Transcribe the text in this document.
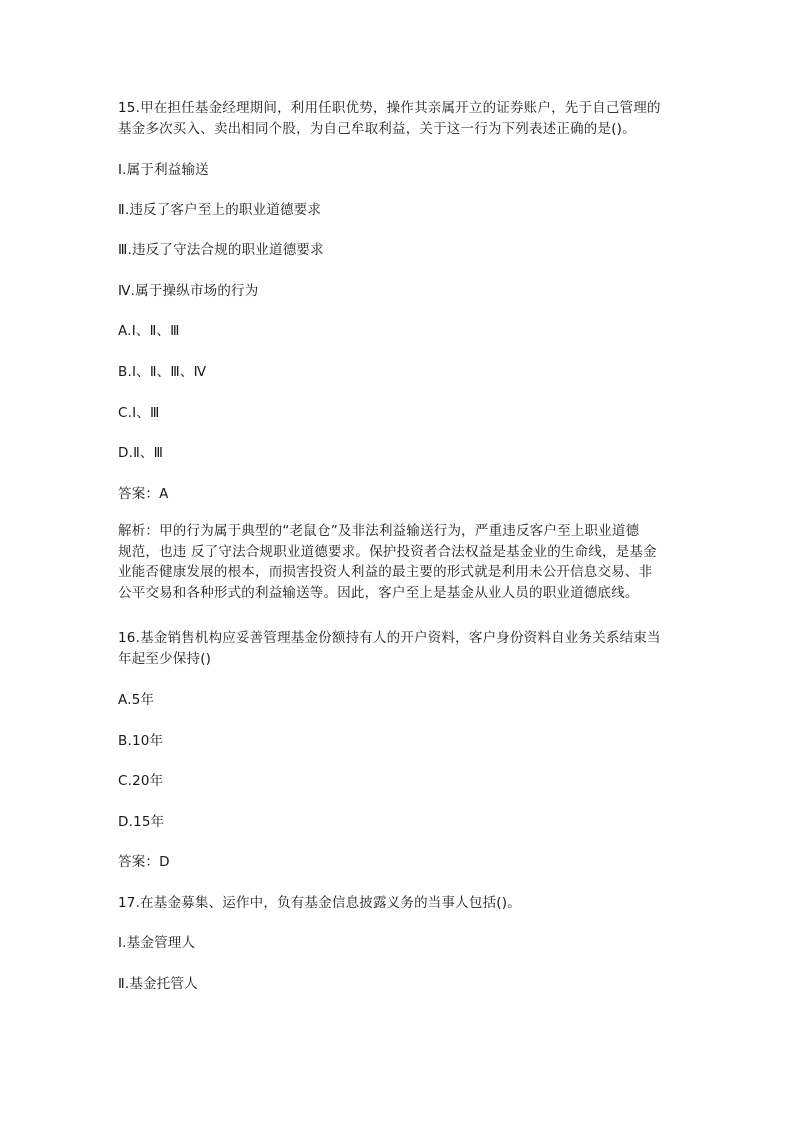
15.甲在担任基金经理期间，利用任职优势，操作其亲属开立的证券账户，先于自己管理的
基金多次买入、卖出相同个股，为自己牟取利益，关于这一行为下列表述正确的是()。
Ⅰ.属于利益输送
Ⅱ.违反了客户至上的职业道德要求
Ⅲ.违反了守法合规的职业道德要求
Ⅳ.属于操纵市场的行为
A.Ⅰ、Ⅱ、Ⅲ
B.Ⅰ、Ⅱ、Ⅲ、Ⅳ
C.Ⅰ、Ⅲ
D.Ⅱ、Ⅲ
答案：A
解析：甲的行为属于典型的“老鼠仓”及非法利益输送行为，严重违反客户至上职业道德
规范，也违 反了守法合规职业道德要求。保护投资者合法权益是基金业的生命线，是基金
业能否健康发展的根本，而损害投资人利益的最主要的形式就是利用未公开信息交易、非
公平交易和各种形式的利益输送等。因此，客户至上是基金从业人员的职业道德底线。
16.基金销售机构应妥善管理基金份额持有人的开户资料，客户身份资料自业务关系结束当
年起至少保持()
A.5年
B.10年
C.20年
D.15年
答案：D
17.在基金募集、运作中，负有基金信息披露义务的当事人包括()。
Ⅰ.基金管理人
Ⅱ.基金托管人
